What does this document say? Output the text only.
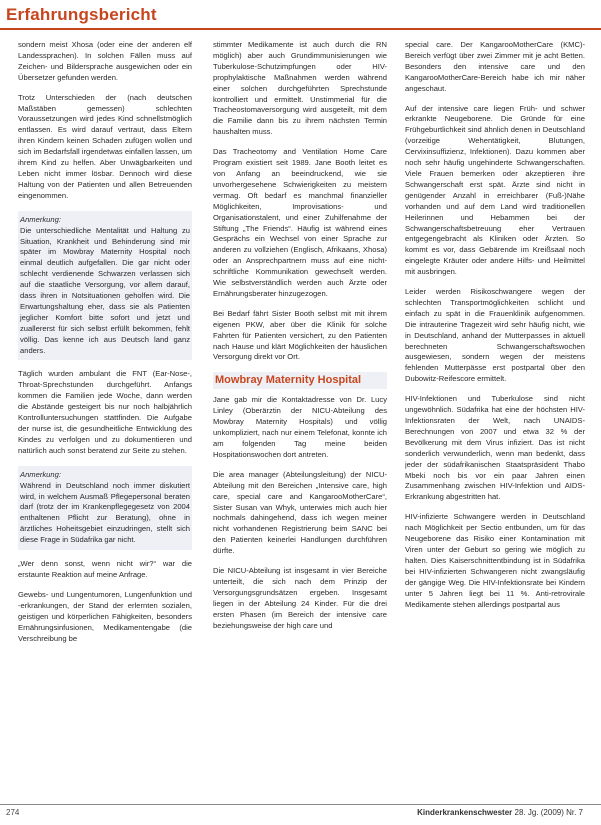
Erfahrungsbericht

sondern meist Xhosa (oder eine der anderen elf Landessprachen). In solchen Fällen muss auf Zeichen- und Bildersprache ausgewichen oder ein Übersetzer gefunden werden.

Trotz Unterschieden der (nach deutschen Maßstäben gemessen) schlechten Voraussetzungen wird jedes Kind schnellstmöglich entlassen. Es wird darauf vertraut, dass Eltern ihren Kindern keinen Schaden zufügen wollen und sich im Bedarfsfall irgendetwas einfallen lassen, um ihrem Kind zu helfen. Aber Unwägbarkeiten und Leben nicht immer lösbar. Dennoch wird diese Haltung von der Patienten und allen Betreuenden eingenommen.

Anmerkung:

Die unterschiedliche Mentalität und Haltung zu Situation, Krankheit und Behinderung sind mir später im Mowbray Maternity Hospital noch einmal deutlich aufgefallen. Die gar nicht oder schlecht verdienende Schwarzen verlassen sich auf die staatliche Versorgung, vor allem darauf, dass ihren in Notsituationen geholfen wird. Die Erwartungshaltung eher, dass sie als Patienten jeglicher Komfort bitte sofort und jetzt und zuallererst für sich selbst erfüllt bekommen, fehlt völlig. Das kenne ich aus Deutsch land ganz anders.

Täglich wurden ambulant die FNT (Ear-Nose-, Throat-Sprechstunden durchgeführt. Anfangs kommen die Familien jede Woche, dann werden die Abstände gesteigert bis nur noch halbjährlich Kontrolluntersuchungen stattfinden. Die Aufgabe der nurse ist, die gesundheitliche Entwicklung des Kindes zu verfolgen und zu dokumentieren und natürlich auch sonst beratend zur Seite zu stehen.

Anmerkung:

Während in Deutschland noch immer diskutiert wird, in welchem Ausmaß Pflegepersonal beraten darf (trotz der im Krankenpflegegesetz von 2004 enthaltenen Pflicht zur Beratung), ohne in ärztliches Hoheitsgebiet einzudringen, stellt sich diese Frage in Südafrika gar nicht.

„Wer denn sonst, wenn nicht wir?“ war die erstaunte Reaktion auf meine Anfrage.

Gewebs- und Lungentumoren, Lungenfunktion und -erkrankungen, der Stand der erlernten sozialen, geistigen und körperlichen Fähigkeiten, besonders Ernährungsinfusionen, Medikamentengabe (die Verschreibung be

stimmter Medikamente ist auch durch die RN möglich) aber auch Grundimmunisierungen wie Tuberkulose-Schutzimpfungen oder HIV-prophylaktische Maßnahmen werden während einer solchen durchgeführten Sprechstunde kontrolliert und ermittelt. Unstimmerial für die Tracheostomaversorgung wird ausgeteilt, mit dem die Familie dann bis zu ihrem nächsten Termin haushalten muss.

Das Tracheotomy and Ventilation Home Care Program existiert seit 1989. Jane Booth leitet es von Anfang an beeindruckend, wie sie unvorhergesehene Schwierigkeiten zu meistern vermag. Oft bedarf es manchmal finanzieller Möglichkeiten, Improvisations- und Organisationstalent, und einer Zuhilfenahme der Stiftung „The Friends“. Häufig ist während eines Gesprächs ein Wechsel von einer Sprache zur anderen zu vollziehen (Englisch, Afrikaans, Xhosa) oder an Ansprechpartnern muss auf eine nicht-schriftliche Kommunikation gewechselt werden. Wie selbstverständlich werden auch Ärzte oder Ernährungsberater hinzugezogen.

Bei Bedarf fährt Sister Booth selbst mit mit ihrem eigenen PKW, aber über die Klinik für solche Fahrten für Patienten versichert, zu den Patienten nach Hause und klärt Möglichkeiten der häuslichen Versorgung direkt vor Ort.

Mowbray Maternity Hospital

Jane gab mir die Kontaktadresse von Dr. Lucy Linley (Oberärztin der NICU-Abteilung des Mowbray Maternity Hospitals) und völlig unkompliziert, nach nur einem Telefonat, konnte ich am folgenden Tag meine beiden Hospitationswochen dort antreten.

Die area manager (Abteilungsleitung) der NICU-Abteilung mit den Bereichen „Intensive care, high care, special care and KangarooMotherCare“, Sister Susan van Whyk, unterwies mich auch hier nochmals dahingehend, dass ich wegen meiner nicht vorhandenen Registrierung beim SANC bei den Patienten keinerlei Handlungen durchführen dürfte.

Die NICU-Abteilung ist insgesamt in vier Bereiche unterteilt, die sich nach dem Prinzip der Versorgungsgrundsätzen ergeben. Insgesamt liegen in der Abteilung 24 Kinder. Für die drei ersten Phasen (im Bereich der intensive care beziehungsweise der high care und

special care. Der KangarooMotherCare (KMC)-Bereich verfügt über zwei Zimmer mit je acht Betten. Besonders den intensive care und den KangarooMotherCare-Bereich habe ich mir näher angeschaut.

Auf der intensive care liegen Früh- und schwer erkrankte Neugeborene. Die Gründe für eine Frühgeburtlichkeit sind ähnlich denen in Deutschland (vorzeitige Wehentätigkeit, Blutungen, Cervixinsuffizienz, Infektionen). Dazu kommen aber noch sehr häufig ungehinderte Schwangerschaften. Viele Frauen bemerken oder akzeptieren ihre Schwangerschaft erst spät. Ärzte sind nicht in genügender Anzahl in erreichbarer (Fuß-)Nähe vorhanden und auf dem Land wird traditionellen Heilerinnen und Hebammen bei der Schwangerschaftsbetreuung eher Vertrauen entgegengebracht als Kliniken oder Ärzten. So kommt es vor, dass Gebärende im Kreißsaal noch eingelegte Kräuter oder andere Hilfs- und Heilmittel mit ausbringen.

Leider werden Risikoschwangere wegen der schlechten Transportmöglichkeiten schlicht und einfach zu spät in die Frauenklinik aufgenommen. Die intrauterine Tragezeit wird sehr häufig nicht, wie in Deutschland, anhand der Mutterpasses in aktuell berechneten Schwangerschaftswochen ausgewiesen, sondern wegen der meistens fehlenden Mutterpässe erst postpartal über den Dubowitz-Reifescore ermittelt.

HIV-Infektionen und Tuberkulose sind nicht ungewöhnlich. Südafrika hat eine der höchsten HIV-Infektionsraten der Welt, nach UNAIDS-Berechnungen von 2007 und etwa 32 % der Bevölkerung mit dem Virus infiziert. Das ist nicht sonderlich verwunderlich, wenn man bedenkt, dass jeder der südafrikanischen Staatspräsident Thabo Mbeki noch bis vor ein paar Jahren einen Zusammenhang zwischen HIV-Infektion und AIDS-Erkrankung abgestritten hat.

HIV-infizierte Schwangere werden in Deutschland nach Möglichkeit per Sectio entbunden, um für das Neugeborene das Risiko einer Kontamination mit Viren unter der Geburt so gering wie möglich zu halten. Dies Kaiserschnittentbindung ist in Südafrika bei HIV-infizierten Schwangeren nicht zwangsläufig der gängige Weg. Die HIV-Infektionsrate bei Kindern unter 5 Jahren liegt bei 11 %. Anti-retrovirale Medikamente stehen allerdings postpartal aus

274	Kinderkrankenschwester 28. Jg. (2009) Nr. 7
